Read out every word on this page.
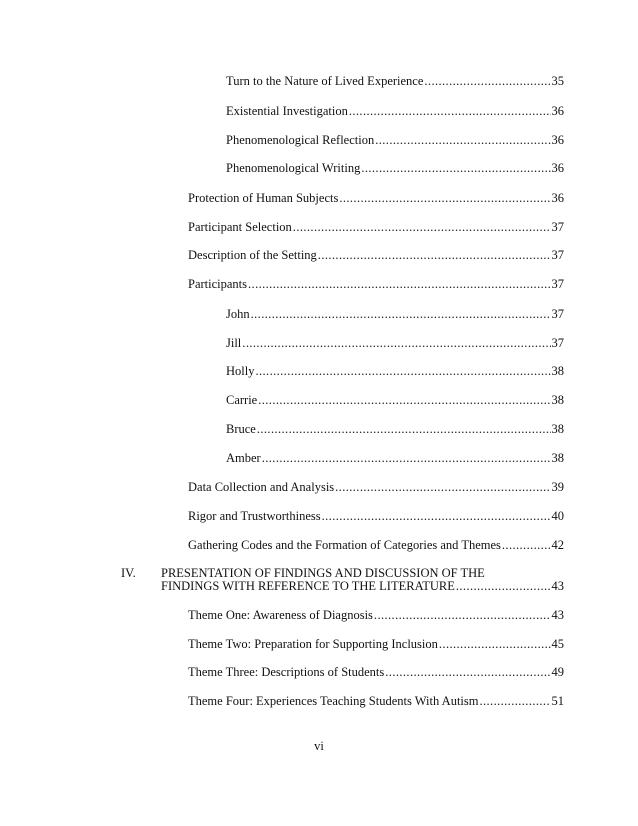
Turn to the Nature of Lived Experience .....	35
Existential Investigation .....	36
Phenomenological Reflection .....	36
Phenomenological Writing .....	36
Protection of Human Subjects .....	36
Participant Selection .....	37
Description of the Setting .....	37
Participants .....	37
John .....	37
Jill .....	37
Holly .....	38
Carrie .....	38
Bruce .....	38
Amber .....	38
Data Collection and Analysis .....	39
Rigor and Trustworthiness .....	40
Gathering Codes and the Formation of Categories and Themes .....	42
IV. PRESENTATION OF FINDINGS AND DISCUSSION OF THE
FINDINGS WITH REFERENCE TO THE LITERATURE .....	43
Theme One: Awareness of Diagnosis .....	43
Theme Two: Preparation for Supporting Inclusion .....	45
Theme Three: Descriptions of Students .....	49
Theme Four: Experiences Teaching Students With Autism .....	51
vi
